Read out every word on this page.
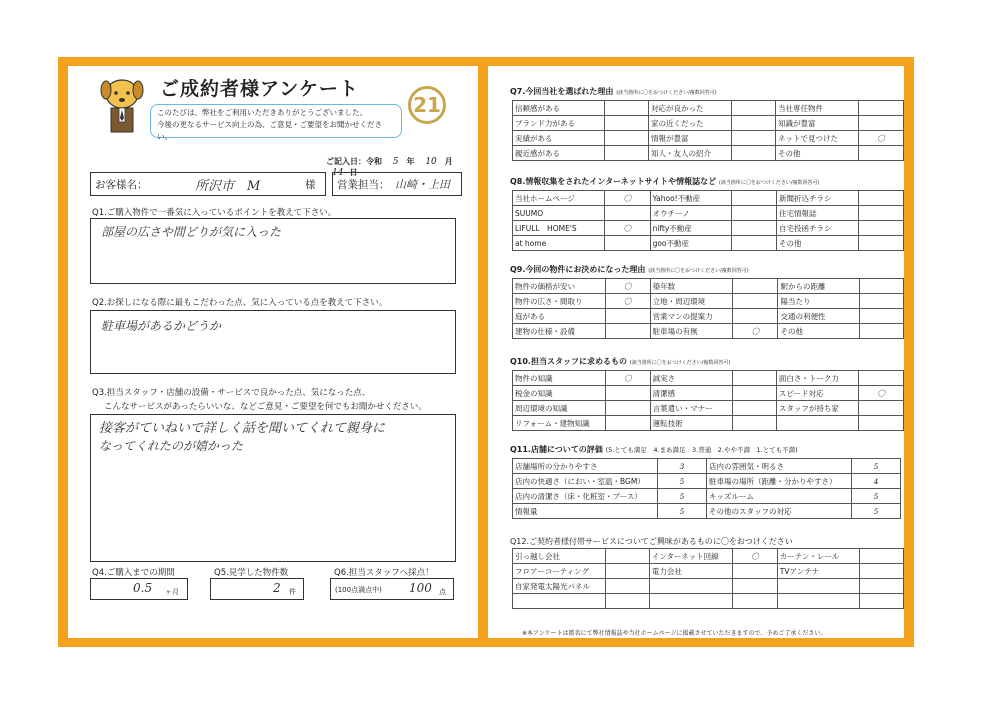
ご成約者様アンケート
このたびは、弊社をご利用いただきありがとうございました。
今後の更なるサービス向上の為、ご意見・ご要望をお聞かせください。
21
ご記入日：令和 5 年 10 月 14 日
お客様名：	所沢市　M	様 営業担当： 山崎・上田
Q1.ご購入物件で一番気に入っているポイントを教えて下さい。
部屋の広さや間どりが気に入った
Q2.お探しになる際に最もこだわった点、気に入っている点を教えて下さい。
駐車場があるかどうか
Q3.担当スタッフ・店舗の設備・サービスで良かった点、気になった点、
こんなサービスがあったらいいな、などご意見・ご要望を何でもお聞かせください。
接客がていねいで詳しく話を聞いてくれて親身に
なってくれたのが嬉かった
Q4.ご購入までの期間
0.5 ヶ月
Q5.見学した物件数
2 件
Q6.担当スタッフへ採点！
(100点満点中) 100 点
Q7.今回当社を選ばれた理由 (該当箇所に〇をおつけください/複数回答可)
信頼感がある		対応が良かった		当社専任物件	
ブランド力がある		家の近くだった		知識が豊富	
実績がある		情報が豊富		ネットで見つけた	〇
親近感がある		知人・友人の紹介		その他	
Q8.情報収集をされたインターネットサイトや情報誌など (該当箇所に〇をおつけください/複数回答可)
当社ホームページ	〇	Yahoo!不動産		新聞折込チラシ	
SUUMO		オウチーノ		住宅情報誌	
LIFULL　HOME'S	〇	nifty不動産		自宅投函チラシ	
at home		goo不動産		その他	
Q9.今回の物件にお決めになった理由 (該当箇所に〇をおつけください/複数回答可)
物件の価格が安い	〇	築年数		駅からの距離	
物件の広さ・間取り	〇	立地・周辺環境		陽当たり	
庭がある		営業マンの提案力		交通の利便性	
建物の仕様・設備		駐車場の有無	〇	その他	
Q10.担当スタッフに求めるもの (該当箇所に〇をおつけください/複数回答可)
物件の知識	〇	誠実さ		面白さ・トーク力	
税金の知識		清潔感		スピード対応	〇
周辺環境の知識		言葉遣い・マナー		スタッフが持ち家	
リフォーム・建物知識		運転技術			
Q11.店舗についての評価 (5.とても満足　4.まあ満足　3.普通　2.やや不満　1.とても不満)
店舗場所の分かりやすさ	3	店内の雰囲気・明るさ	5
店内の快適さ（におい・室温・BGM）	5	駐車場の場所（距離・分かりやすさ）	4
店内の清潔さ（床・化粧室・ブース）	5	キッズルーム	5
情報量	5	その他のスタッフの対応	5
Q12.ご契約者様付帯サービスについてご興味があるものに〇をおつけください
引っ越し会社		インターネット回線	〇	カーテン・レール	
フロアーコーティング		電力会社		TVアンテナ	
自家発電太陽光パネル					

※本アンケートは匿名にて弊社情報誌や当社ホームページに掲載させていただきますので、予めご了承ください。
